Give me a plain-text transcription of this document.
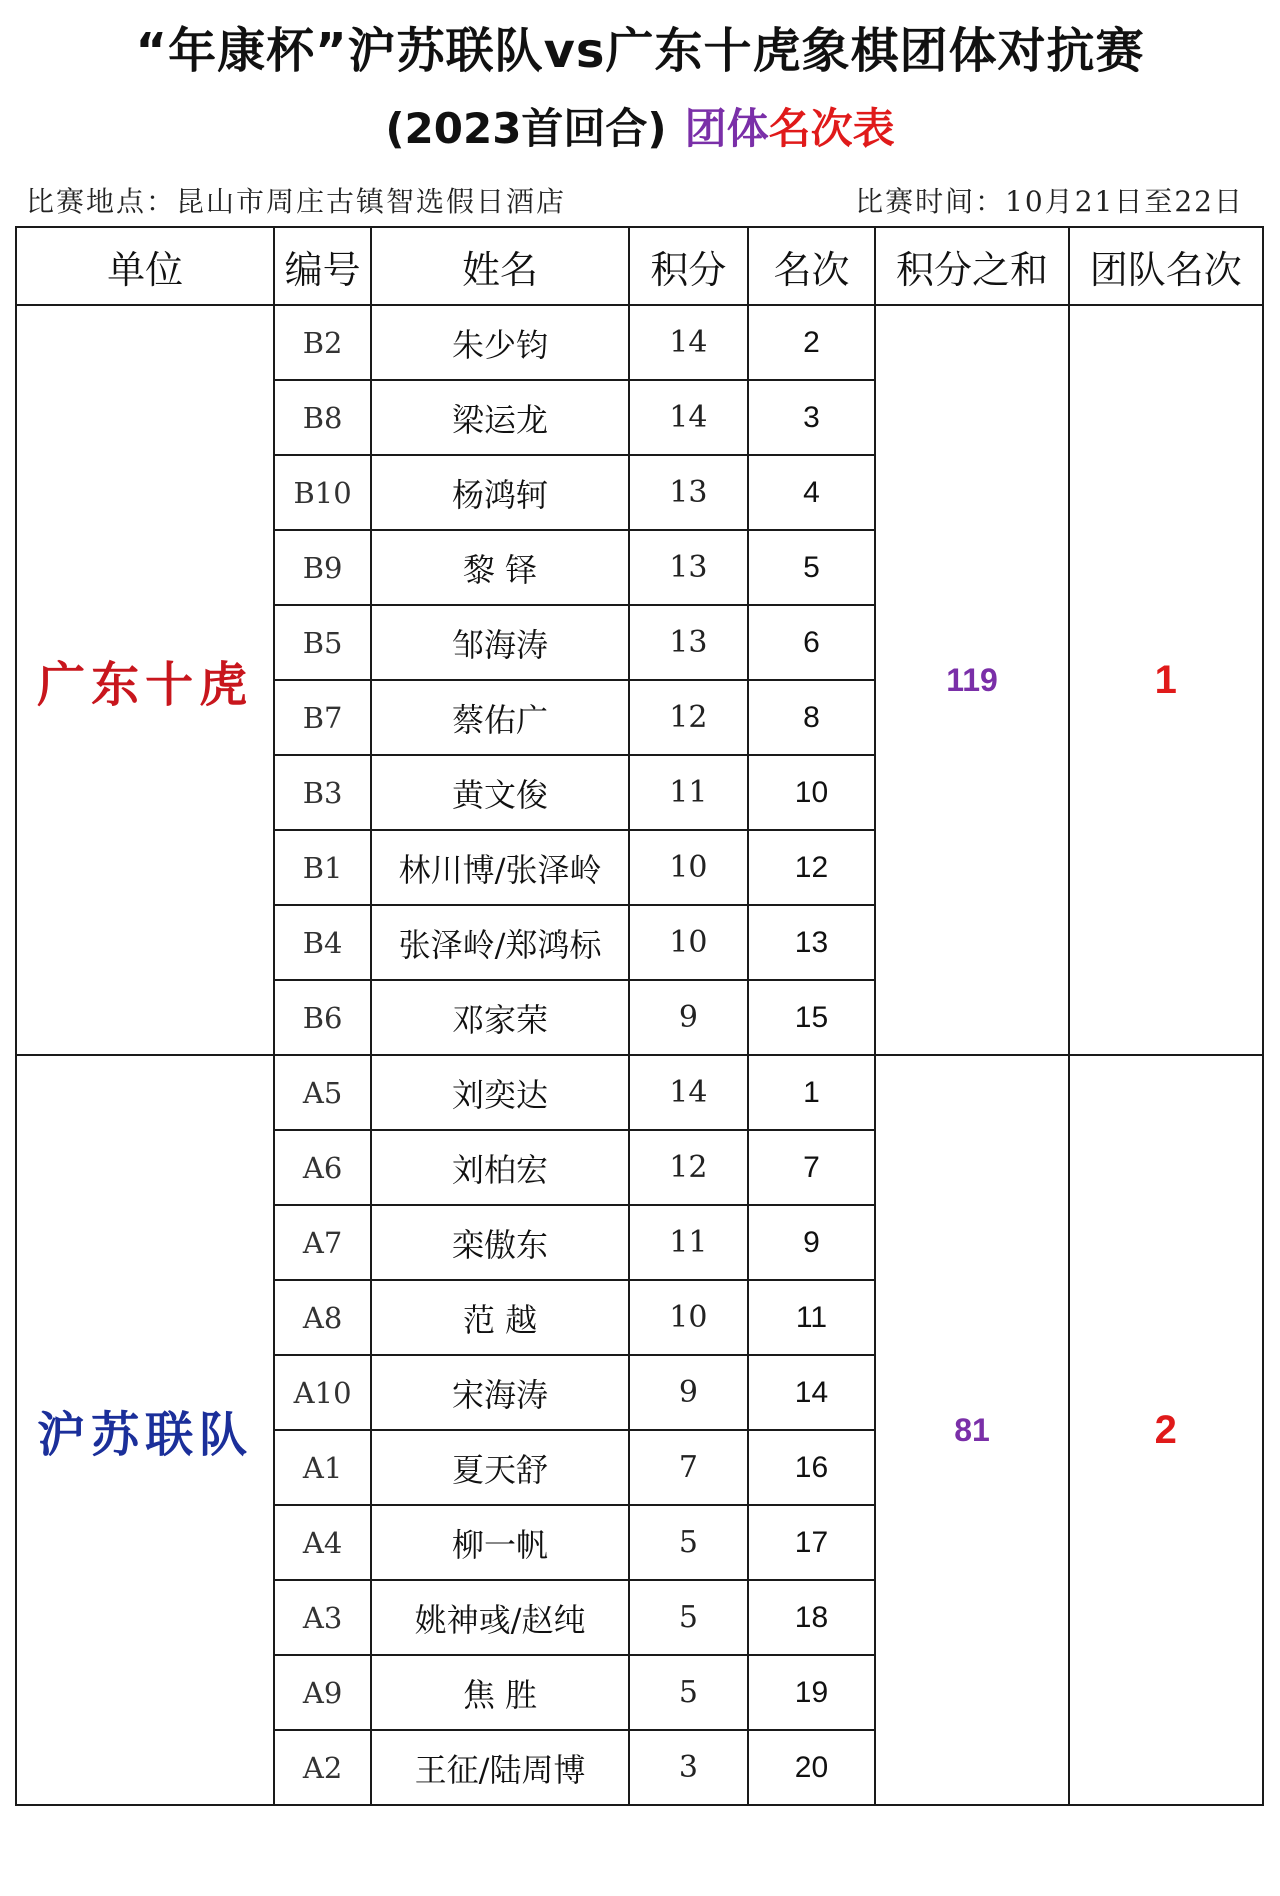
“年康杯”沪苏联队vs广东十虎象棋团体对抗赛
(2023首回合) 团体名次表
比赛地点：昆山市周庄古镇智选假日酒店	比赛时间：10月21日至22日
单位	编号	姓名	积分	名次	积分之和	团队名次
广东十虎	B2	朱少钧	14	2	119	1
	B8	梁运龙	14	3		
	B10	杨鸿轲	13	4		
	B9	黎 铎	13	5		
	B5	邹海涛	13	6		
	B7	蔡佑广	12	8		
	B3	黄文俊	11	10		
	B1	林川博/张泽岭	10	12		
	B4	张泽岭/郑鸿标	10	13		
	B6	邓家荣	9	15		
沪苏联队	A5	刘奕达	14	1	81	2
	A6	刘柏宏	12	7		
	A7	栾傲东	11	9		
	A8	范 越	10	11		
	A10	宋海涛	9	14		
	A1	夏天舒	7	16		
	A4	柳一帆	5	17		
	A3	姚神彧/赵纯	5	18		
	A9	焦 胜	5	19		
	A2	王征/陆周博	3	20		
